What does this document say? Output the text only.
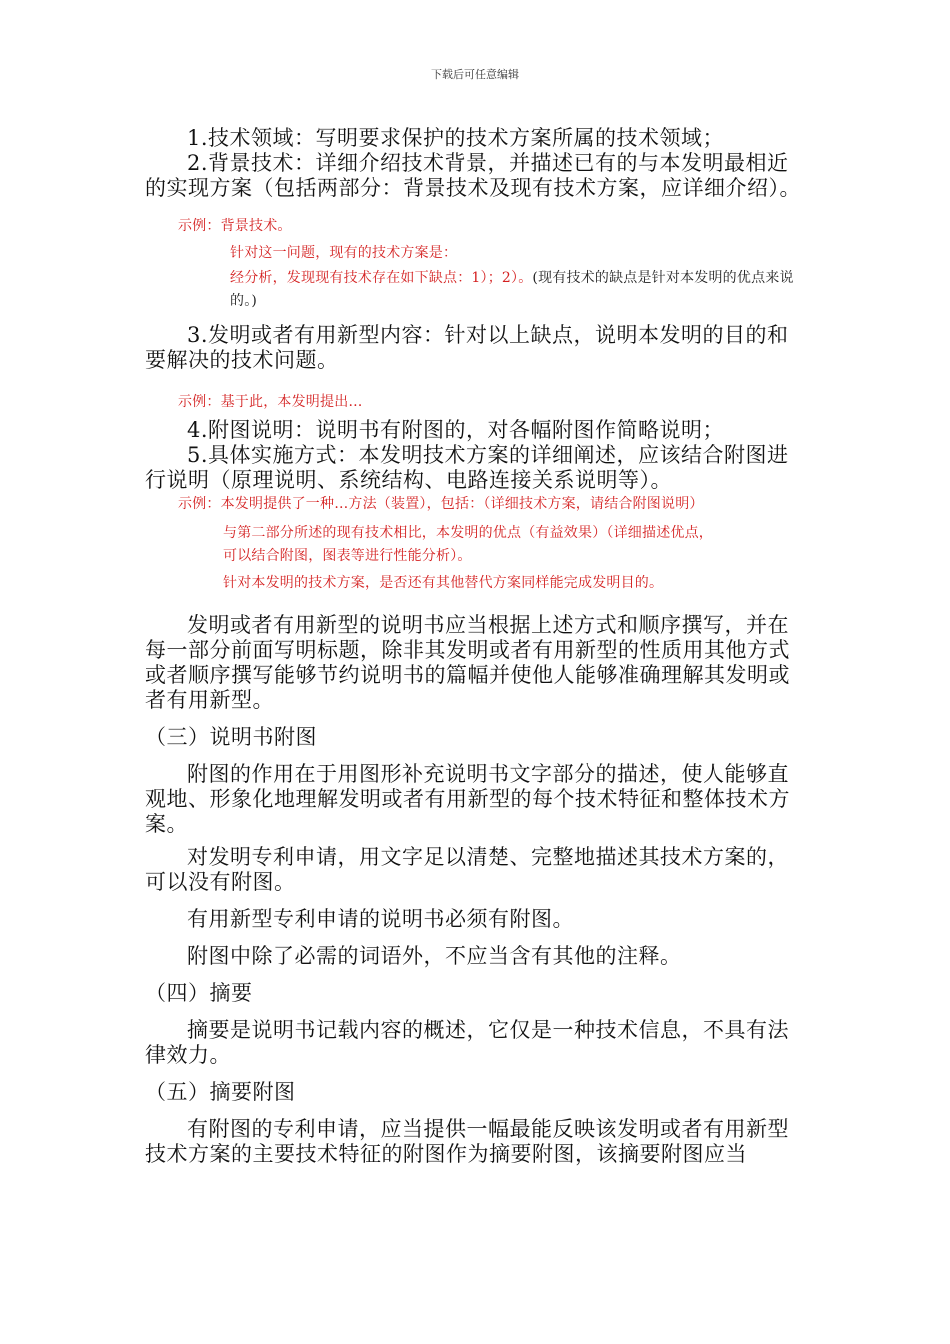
下载后可任意编辑

1.技术领域：写明要求保护的技术方案所属的技术领域；

2.背景技术：详细介绍技术背景，并描述已有的与本发明最相近的实现方案（包括两部分：背景技术及现有技术方案，应详细介绍）。

示例：背景技术。
针对这一问题，现有的技术方案是：
经分析，发现现有技术存在如下缺点：1）；2）。(现有技术的缺点是针对本发明的优点来说的。)

3.发明或者有用新型内容：针对以上缺点，说明本发明的目的和要解决的技术问题。

示例：基于此，本发明提出…

4.附图说明：说明书有附图的，对各幅附图作简略说明；

5.具体实施方式：本发明技术方案的详细阐述，应该结合附图进行说明（原理说明、系统结构、电路连接关系说明等）。

示例：本发明提供了一种…方法（装置），包括：（详细技术方案，请结合附图说明）
与第二部分所述的现有技术相比，本发明的优点（有益效果）（详细描述优点，
可以结合附图，图表等进行性能分析）。
针对本发明的技术方案，是否还有其他替代方案同样能完成发明目的。

发明或者有用新型的说明书应当根据上述方式和顺序撰写，并在每一部分前面写明标题，除非其发明或者有用新型的性质用其他方式或者顺序撰写能够节约说明书的篇幅并使他人能够准确理解其发明或者有用新型。

（三）说明书附图

附图的作用在于用图形补充说明书文字部分的描述，使人能够直观地、形象化地理解发明或者有用新型的每个技术特征和整体技术方案。

对发明专利申请，用文字足以清楚、完整地描述其技术方案的，可以没有附图。

有用新型专利申请的说明书必须有附图。

附图中除了必需的词语外，不应当含有其他的注释。

（四）摘要

摘要是说明书记载内容的概述，它仅是一种技术信息，不具有法律效力。

（五）摘要附图

有附图的专利申请，应当提供一幅最能反映该发明或者有用新型技术方案的主要技术特征的附图作为摘要附图，该摘要附图应当
